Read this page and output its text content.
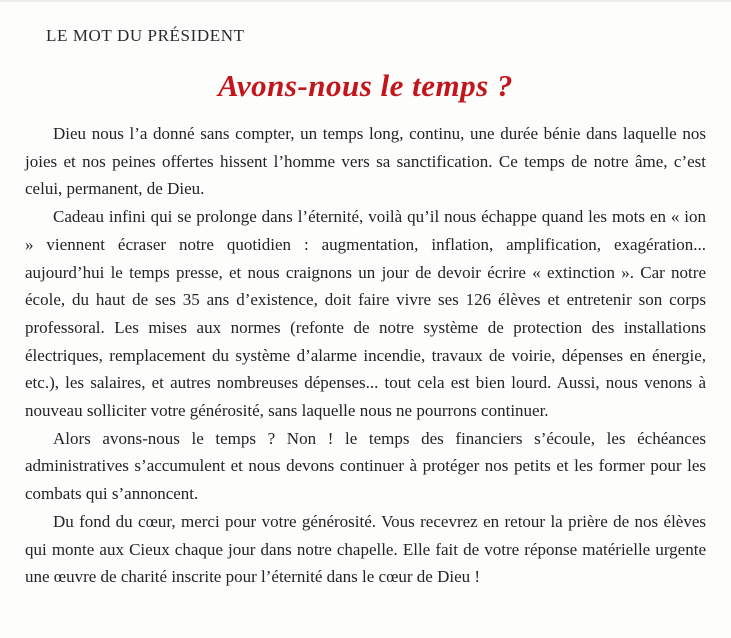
LE MOT DU PRÉSIDENT
Avons-nous le temps ?

Dieu nous l’a donné sans compter, un temps long, continu, une durée bénie dans laquelle nos joies et nos peines offertes hissent l’homme vers sa sanctification. Ce temps de notre âme, c’est celui, permanent, de Dieu.

Cadeau infini qui se prolonge dans l’éternité, voilà qu’il nous échappe quand les mots en « ion » viennent écraser notre quotidien : augmentation, inflation, amplification, exagération... aujourd’hui le temps presse, et nous craignons un jour de devoir écrire « extinction ». Car notre école, du haut de ses 35 ans d’existence, doit faire vivre ses 126 élèves et entretenir son corps professoral. Les mises aux normes (refonte de notre système de protection des installations électriques, remplacement du système d’alarme incendie, travaux de voirie, dépenses en énergie, etc.), les salaires, et autres nombreuses dépenses... tout cela est bien lourd. Aussi, nous venons à nouveau solliciter votre générosité, sans laquelle nous ne pourrons continuer.

Alors avons-nous le temps ? Non ! le temps des financiers s’écoule, les échéances administratives s’accumulent et nous devons continuer à protéger nos petits et les former pour les combats qui s’annoncent.

Du fond du cœur, merci pour votre générosité. Vous recevrez en retour la prière de nos élèves qui monte aux Cieux chaque jour dans notre chapelle. Elle fait de votre réponse matérielle urgente une œuvre de charité inscrite pour l’éternité dans le cœur de Dieu !
